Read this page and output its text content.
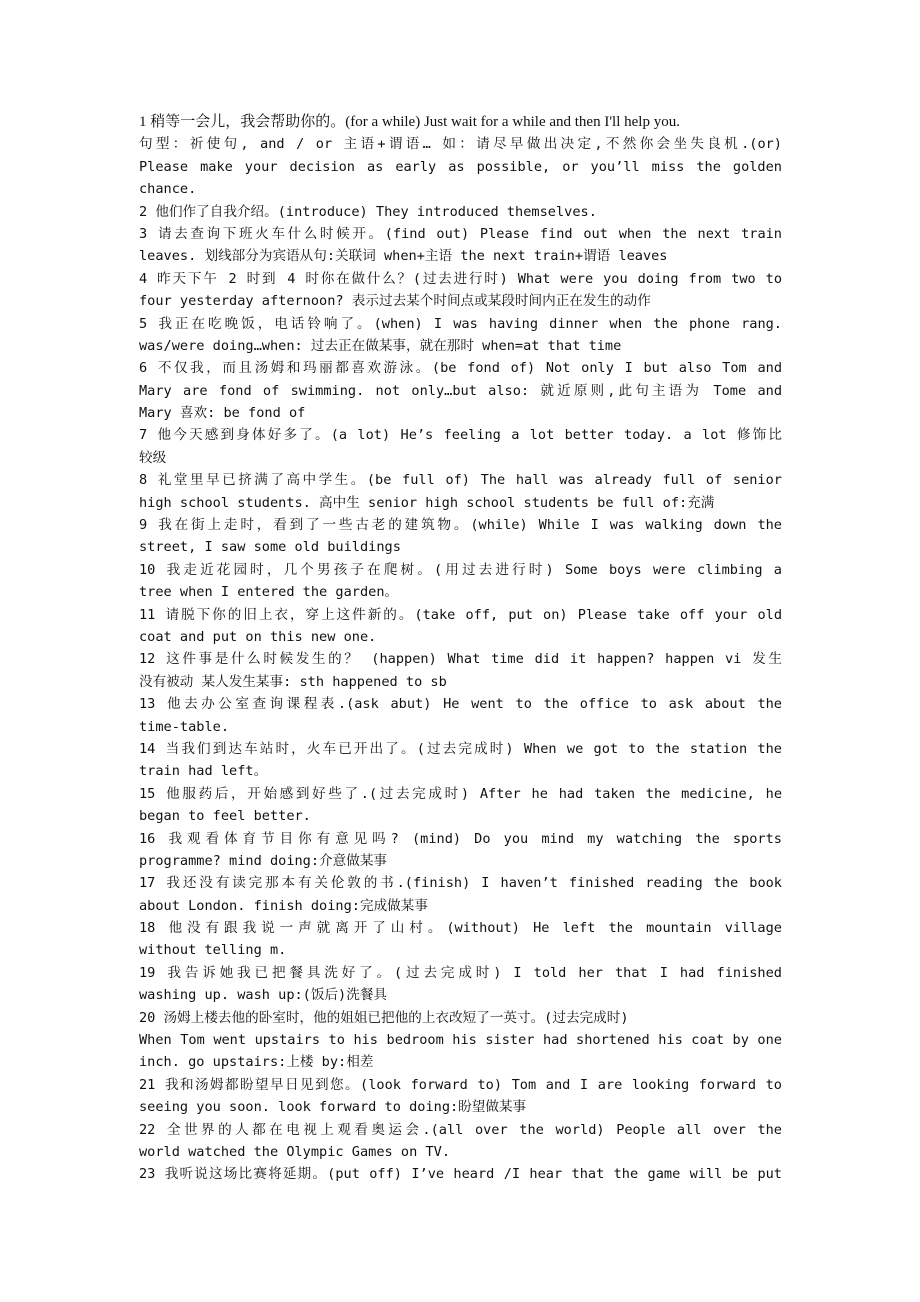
1 稍等一会儿，我会帮助你的。(for a while) Just wait for a while and then I'll help you.
句型：祈使句, and / or 主语+谓语… 如：请尽早做出决定,不然你会坐失良机.(or)
Please make your decision as early as possible, or you’ll miss the golden
chance.
2 他们作了自我介绍。(introduce) They introduced themselves.
3 请去查询下班火车什么时候开。(find out) Please find out when the next train
leaves. 划线部分为宾语从句:关联词 when+主语 the next train+谓语 leaves
4 昨天下午 2 时到 4 时你在做什么？(过去进行时) What were you doing from two to
four yesterday afternoon? 表示过去某个时间点或某段时间内正在发生的动作
5 我正在吃晚饭，电话铃响了。(when) I was having dinner when the phone rang.
was/were doing…when: 过去正在做某事，就在那时 when=at that time
6 不仅我，而且汤姆和玛丽都喜欢游泳。(be fond of) Not only I but also Tom and
Mary are fond of swimming. not only…but also: 就近原则,此句主语为 Tome and
Mary 喜欢: be fond of
7 他今天感到身体好多了。(a lot) He’s feeling a lot better today. a lot 修饰比
较级
8 礼堂里早已挤满了高中学生。(be full of) The hall was already full of senior
high school students. 高中生 senior high school students be full of:充满
9 我在街上走时，看到了一些古老的建筑物。(while) While I was walking down the
street, I saw some old buildings
10 我走近花园时，几个男孩子在爬树。(用过去进行时) Some boys were climbing a
tree when I entered the garden。
11 请脱下你的旧上衣，穿上这件新的。(take off, put on) Please take off your old
coat and put on this new one.
12 这件事是什么时候发生的？ (happen) What time did it happen? happen vi 发生
没有被动 某人发生某事: sth happened to sb
13 他去办公室查询课程表.(ask abut) He went to the office to ask about the
time-table.
14 当我们到达车站时，火车已开出了。(过去完成时) When we got to the station the
train had left。
15 他服药后，开始感到好些了.(过去完成时) After he had taken the medicine, he
began to feel better.
16 我观看体育节目你有意见吗? (mind) Do you mind my watching the sports
programme? mind doing:介意做某事
17 我还没有读完那本有关伦敦的书.(finish) I haven’t finished reading the book
about London. finish doing:完成做某事
18 他没有跟我说一声就离开了山村。(without) He left the mountain village
without telling m.
19 我告诉她我已把餐具洗好了。(过去完成时) I told her that I had finished
washing up. wash up:(饭后)洗餐具
20 汤姆上楼去他的卧室时，他的姐姐已把他的上衣改短了一英寸。(过去完成时)
When Tom went upstairs to his bedroom his sister had shortened his coat by one
inch. go upstairs:上楼 by:相差
21 我和汤姆都盼望早日见到您。(look forward to) Tom and I are looking forward to
seeing you soon. look forward to doing:盼望做某事
22 全世界的人都在电视上观看奥运会.(all over the world) People all over the
world watched the Olympic Games on TV.
23 我听说这场比赛将延期。(put off) I’ve heard /I hear that the game will be put
